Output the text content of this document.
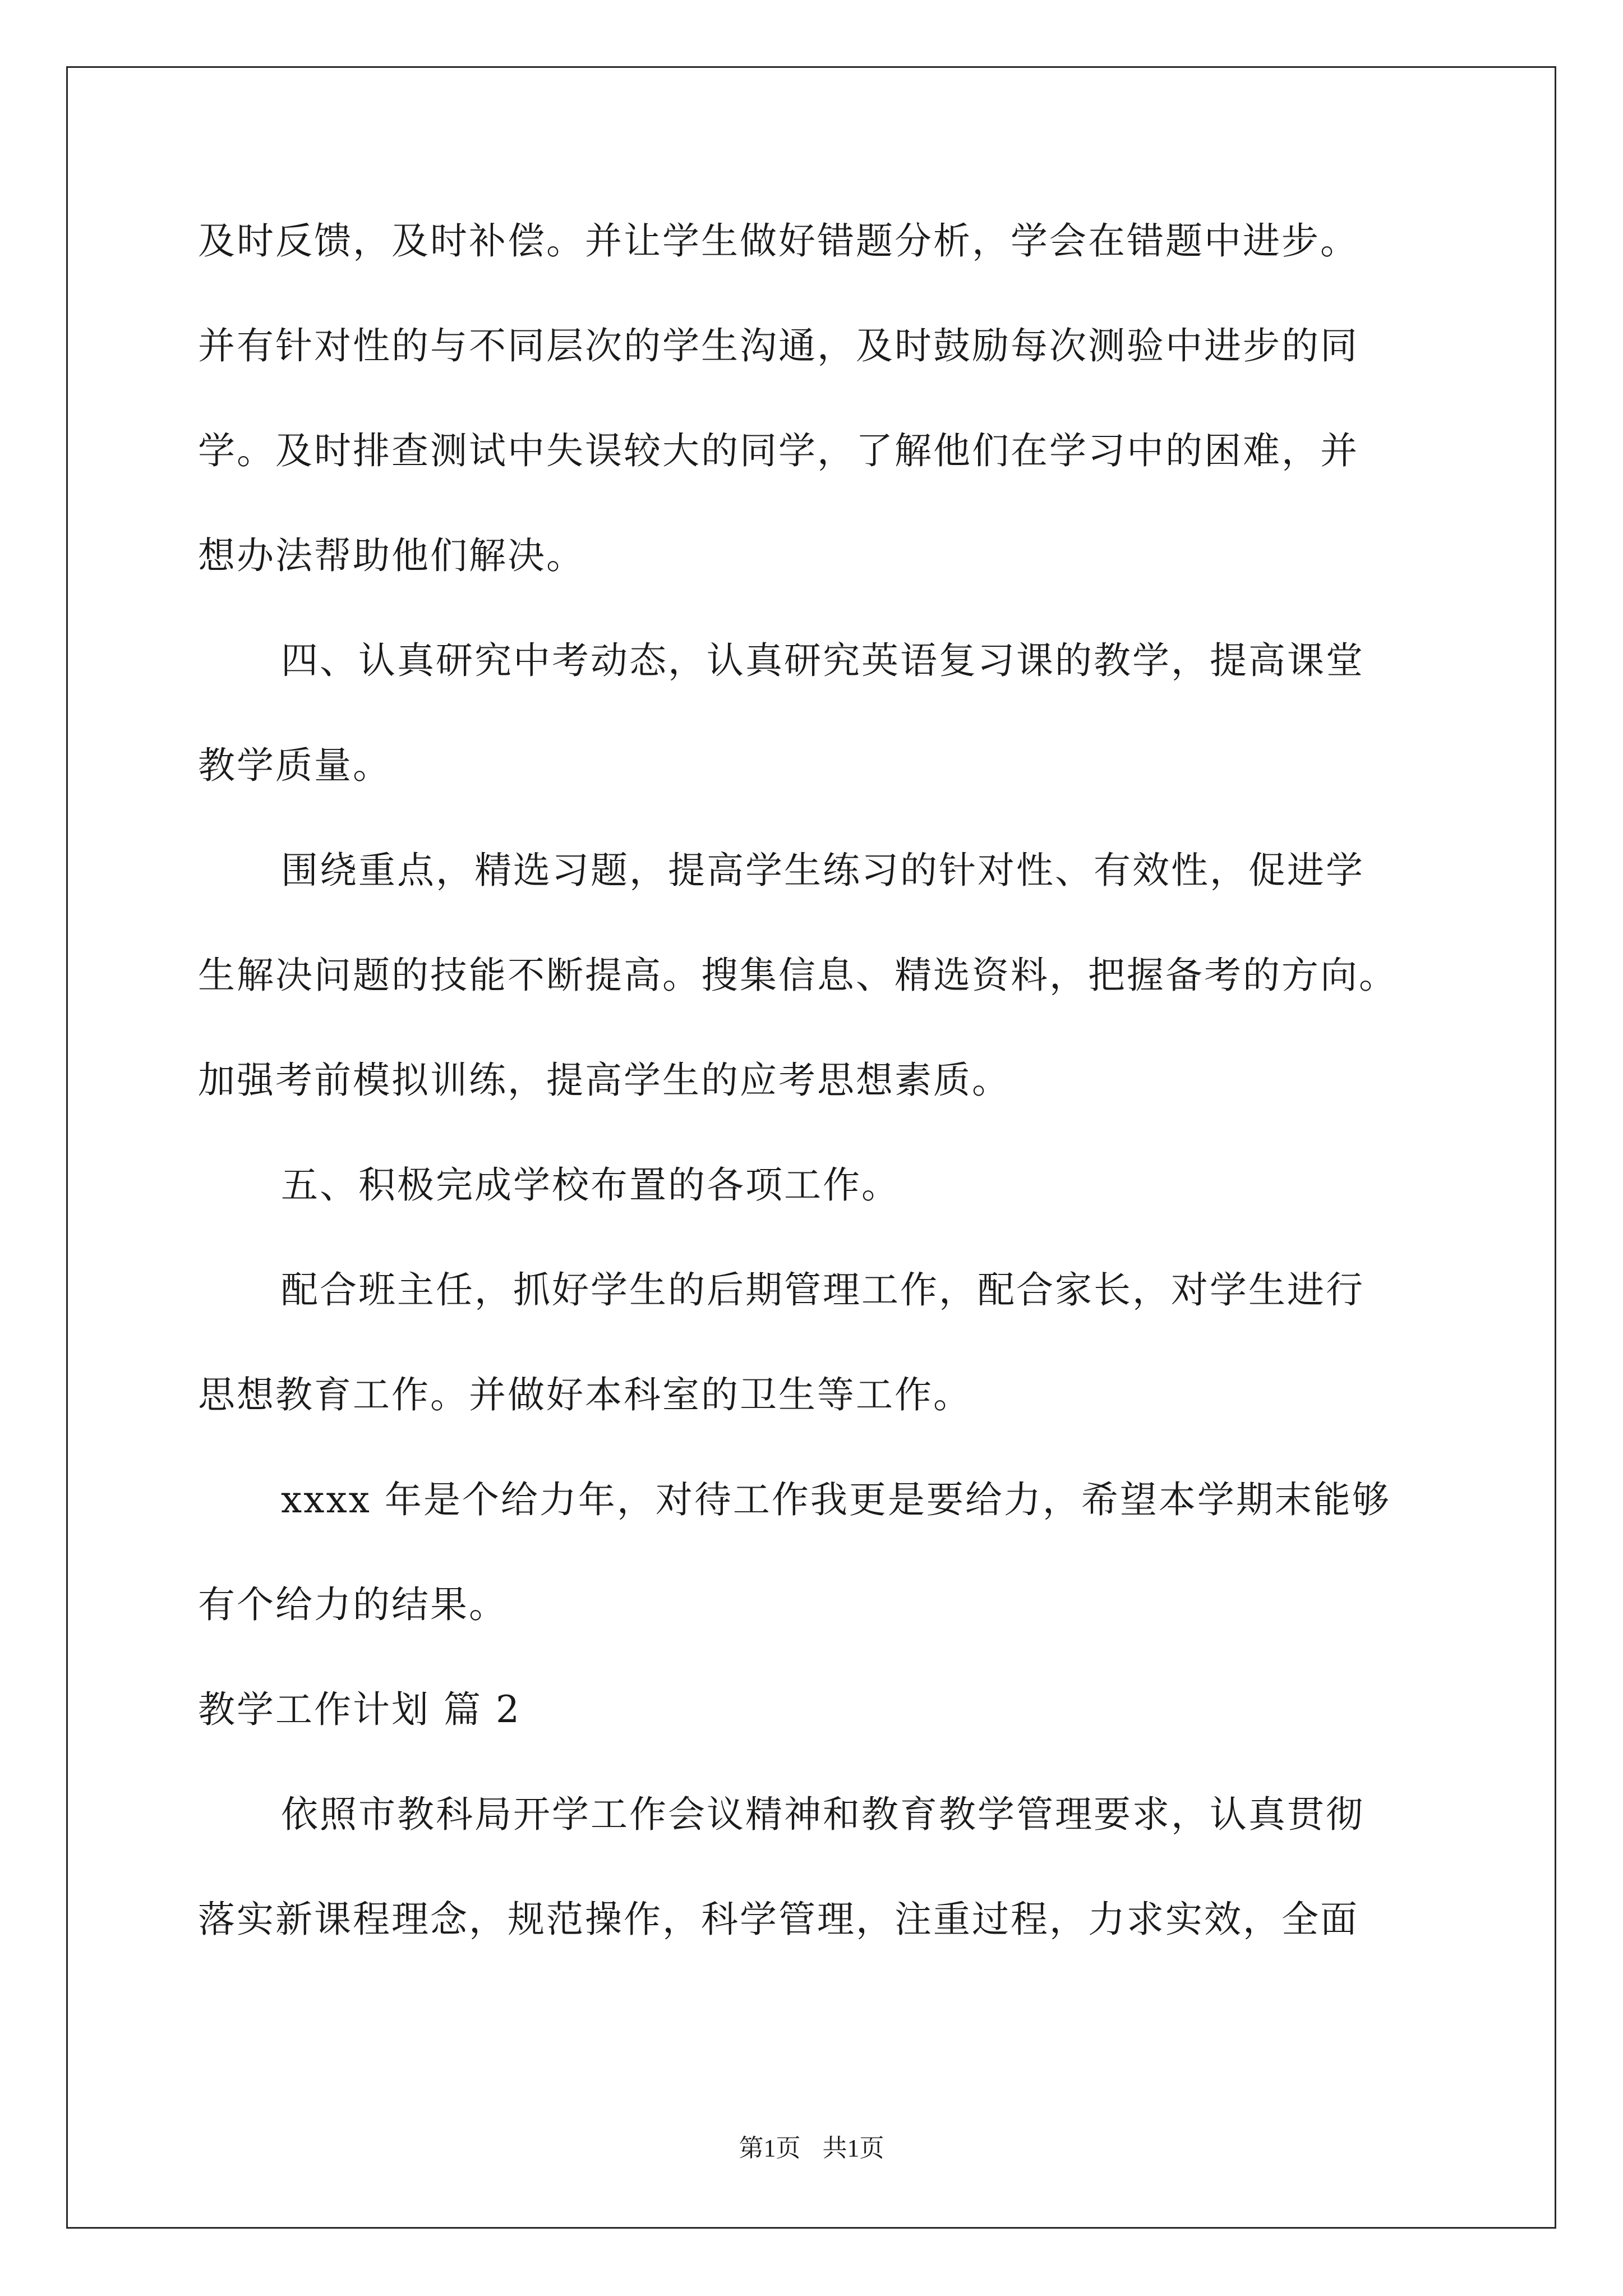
及时反馈，及时补偿。并让学生做好错题分析，学会在错题中进步。
并有针对性的与不同层次的学生沟通，及时鼓励每次测验中进步的同
学。及时排查测试中失误较大的同学，了解他们在学习中的困难，并
想办法帮助他们解决。
四、认真研究中考动态，认真研究英语复习课的教学，提高课堂
教学质量。
围绕重点，精选习题，提高学生练习的针对性、有效性，促进学
生解决问题的技能不断提高。搜集信息、精选资料，把握备考的方向。
加强考前模拟训练，提高学生的应考思想素质。
五、积极完成学校布置的各项工作。
配合班主任，抓好学生的后期管理工作，配合家长，对学生进行
思想教育工作。并做好本科室的卫生等工作。
xxxx 年是个给力年，对待工作我更是要给力，希望本学期末能够
有个给力的结果。
教学工作计划 篇 2
依照市教科局开学工作会议精神和教育教学管理要求，认真贯彻
落实新课程理念，规范操作，科学管理，注重过程，力求实效，全面
第1页 共1页
